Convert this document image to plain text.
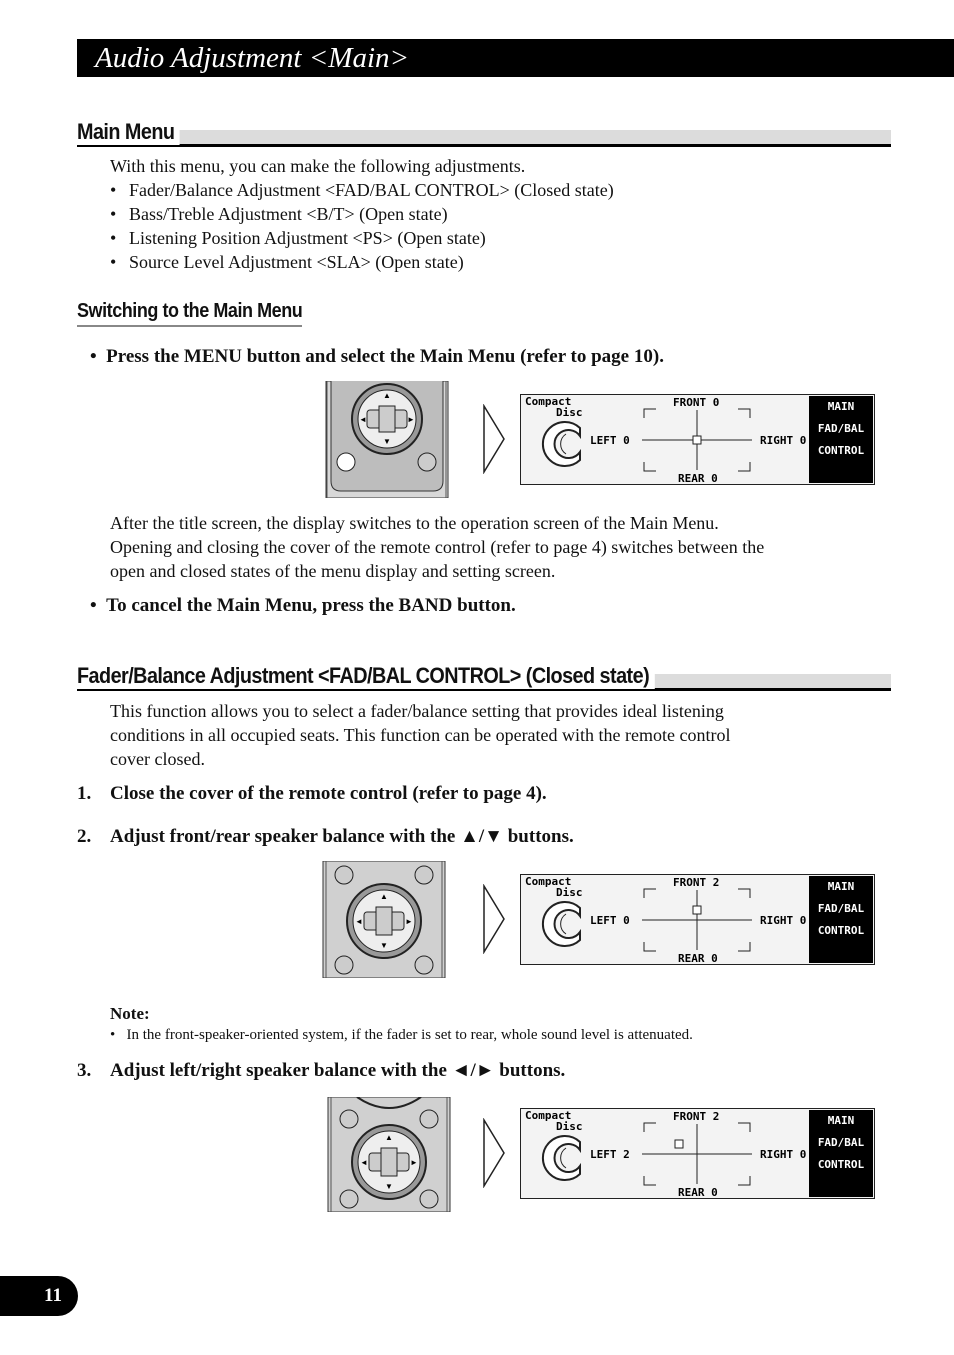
Audio Adjustment <Main>
Main Menu
With this menu, you can make the following adjustments.
• Fader/Balance Adjustment <FAD/BAL CONTROL> (Closed state)
• Bass/Treble Adjustment <B/T> (Open state)
• Listening Position Adjustment <PS> (Open state)
• Source Level Adjustment <SLA> (Open state)
Switching to the Main Menu
•  Press the MENU button and select the Main Menu (refer to page 10).
▲
▼
◄	►
Compact
Disc
FRONT 0
REAR 0
LEFT 0	RIGHT 0
MAIN
FAD/BAL
CONTROL
After the title screen, the display switches to the operation screen of the Main Menu.
Opening and closing the cover of the remote control (refer to page 4) switches between the
open and closed states of the menu display and setting screen.
•  To cancel the Main Menu, press the BAND button.
Fader/Balance Adjustment <FAD/BAL CONTROL> (Closed state)
This function allows you to select a fader/balance setting that provides ideal listening
conditions in all occupied seats. This function can be operated with the remote control
cover closed.
1. Close the cover of the remote control (refer to page 4).
2. Adjust front/rear speaker balance with the ▲/▼ buttons.
▲
▼
◄	►
Compact
Disc
FRONT 2
REAR 0
LEFT 0	RIGHT 0
MAIN
FAD/BAL
CONTROL
Note:
•   In the front-speaker-oriented system, if the fader is set to rear, whole sound level is attenuated.
3. Adjust left/right speaker balance with the ◄/► buttons.
▲
▼
◄	►
Compact
Disc
FRONT 2
REAR 0
LEFT 2	RIGHT 0
MAIN
FAD/BAL
CONTROL
11
